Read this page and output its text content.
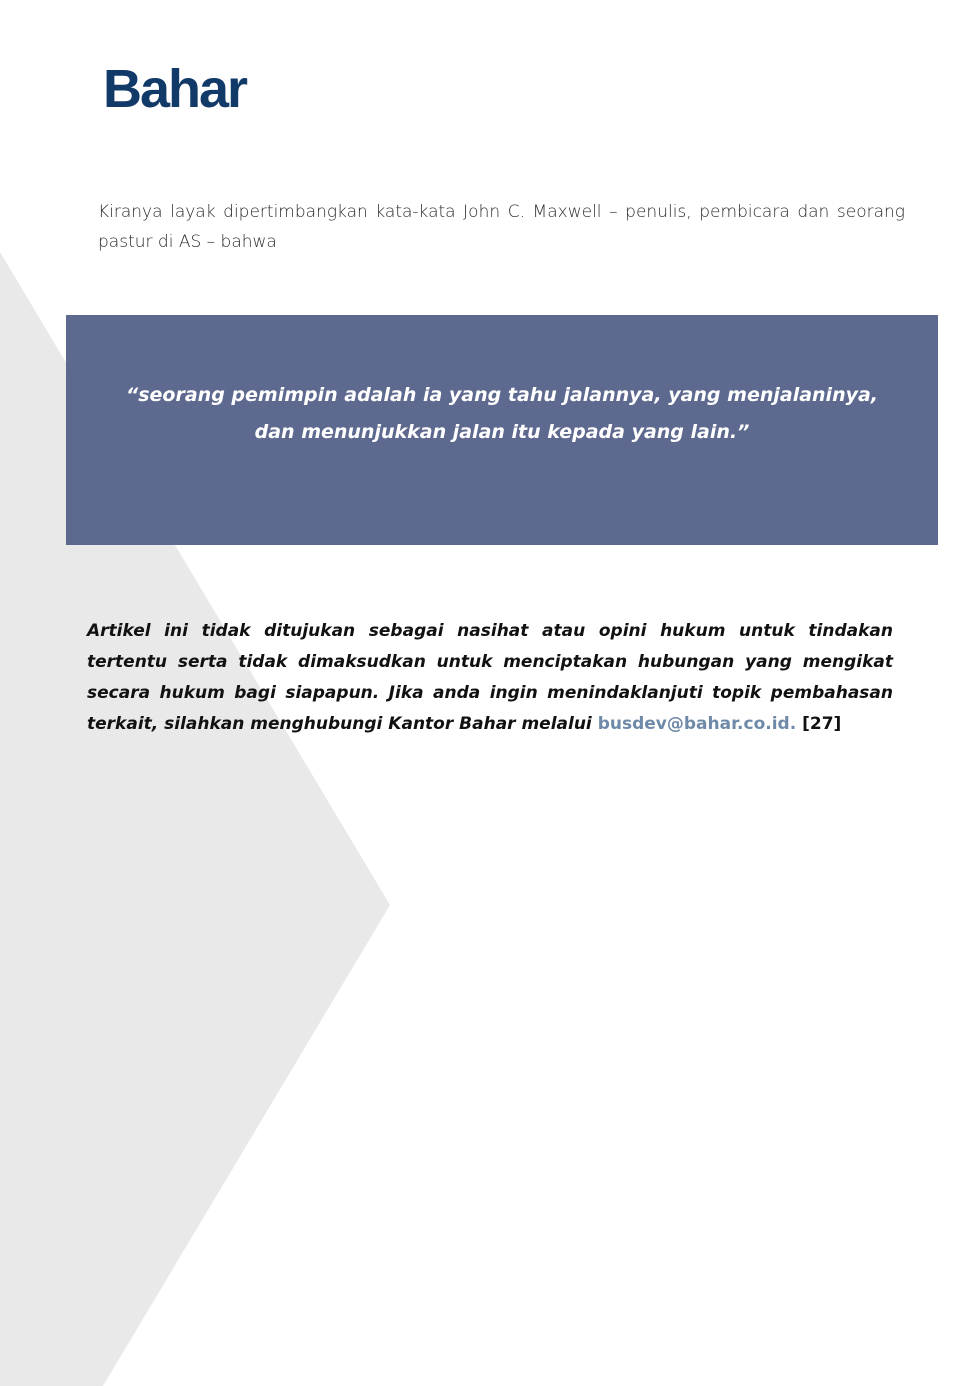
Bahar

Kiranya layak dipertimbangkan kata-kata John C. Maxwell – penulis, pembicara dan seorang pastur di AS – bahwa

“seorang pemimpin adalah ia yang tahu jalannya, yang menjalaninya,
dan menunjukkan jalan itu kepada yang lain.”

Artikel ini tidak ditujukan sebagai nasihat atau opini hukum untuk tindakan tertentu serta tidak dimaksudkan untuk menciptakan hubungan yang mengikat secara hukum bagi siapapun. Jika anda ingin menindaklanjuti topik pembahasan terkait, silahkan menghubungi Kantor Bahar melalui busdev@bahar.co.id. [27]
